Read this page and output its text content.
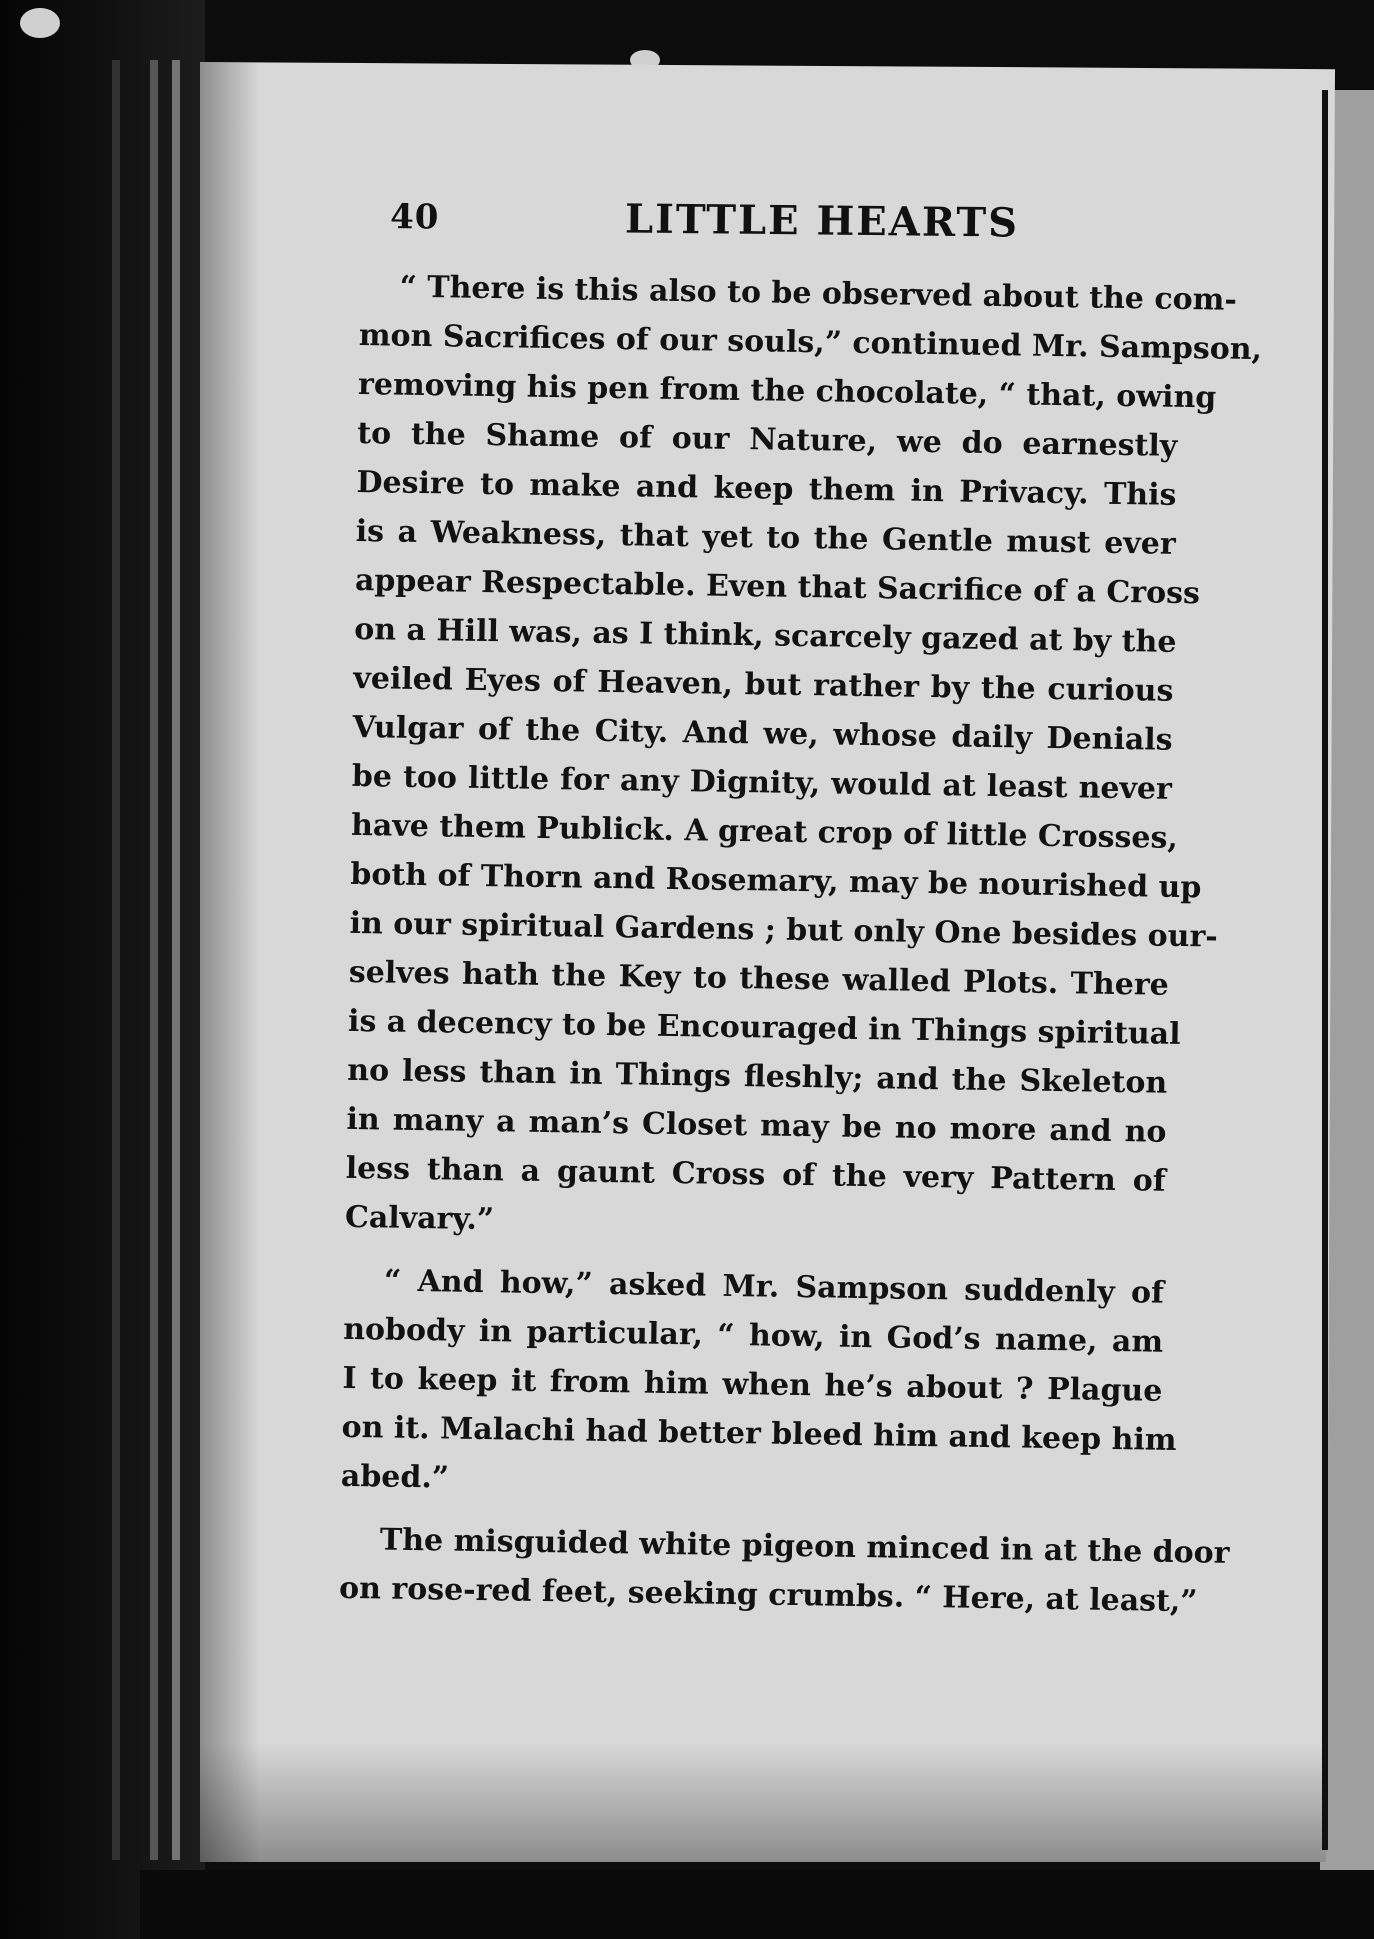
40	LITTLE HEARTS
“ There is this also to be observed about the com-
mon Sacrifices of our souls,” continued Mr. Sampson,
removing his pen from the chocolate, “ that, owing
to the Shame of our Nature, we do earnestly
Desire to make and keep them in Privacy. This
is a Weakness, that yet to the Gentle must ever
appear Respectable. Even that Sacrifice of a Cross
on a Hill was, as I think, scarcely gazed at by the
veiled Eyes of Heaven, but rather by the curious
Vulgar of the City. And we, whose daily Denials
be too little for any Dignity, would at least never
have them Publick. A great crop of little Crosses,
both of Thorn and Rosemary, may be nourished up
in our spiritual Gardens ; but only One besides our-
selves hath the Key to these walled Plots. There
is a decency to be Encouraged in Things spiritual
no less than in Things fleshly; and the Skeleton
in many a man’s Closet may be no more and no
less than a gaunt Cross of the very Pattern of
Calvary.”
“ And how,” asked Mr. Sampson suddenly of
nobody in particular, “ how, in God’s name, am
I to keep it from him when he’s about ? Plague
on it. Malachi had better bleed him and keep him
abed.”
The misguided white pigeon minced in at the door
on rose-red feet, seeking crumbs. “ Here, at least,”
